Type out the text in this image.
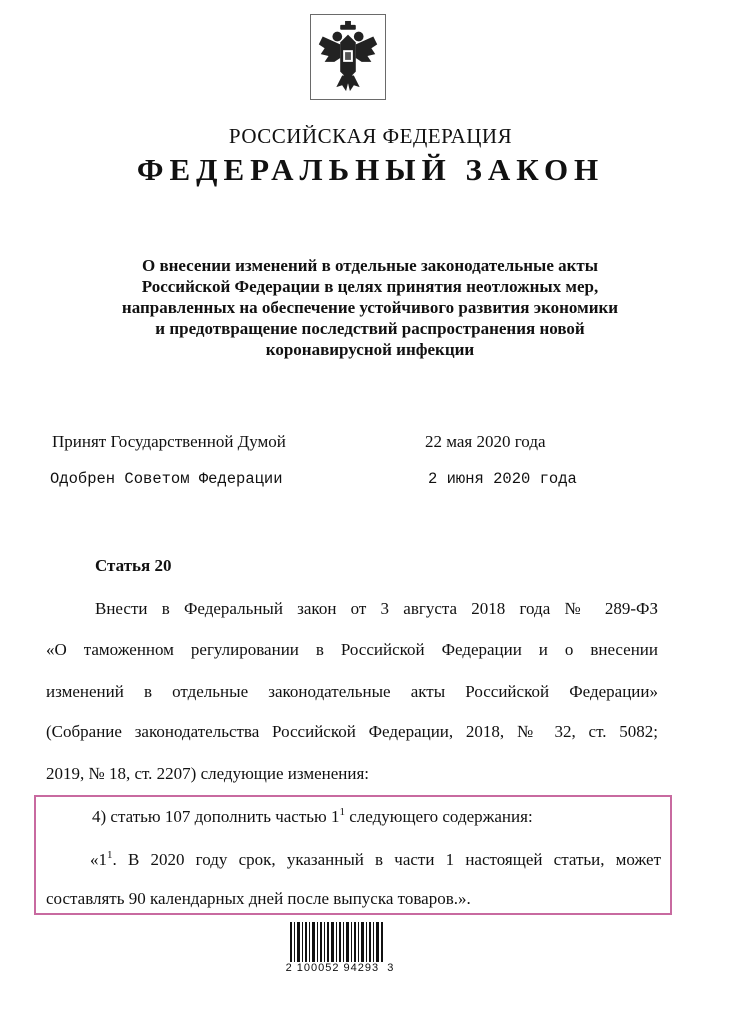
РОССИЙСКАЯ ФЕДЕРАЦИЯ
ФЕДЕРАЛЬНЫЙ ЗАКОН
О внесении изменений в отдельные законодательные акты
Российской Федерации в целях принятия неотложных мер,
направленных на обеспечение устойчивого развития экономики
и предотвращение последствий распространения новой
коронавирусной инфекции
Принят Государственной Думой	22 мая 2020 года
Одобрен Советом Федерации	2 июня 2020 года
Статья 20
Внести в Федеральный закон от 3 августа 2018 года № 289-ФЗ
«О таможенном регулировании в Российской Федерации и о внесении
изменений в отдельные законодательные акты Российской Федерации»
(Собрание законодательства Российской Федерации, 2018, № 32, ст. 5082;
2019, № 18, ст. 2207) следующие изменения:
4) статью 107 дополнить частью $1^1$ следующего содержания:
«$1^1$. В 2020 году срок, указанный в части 1 настоящей статьи, может
составлять 90 календарных дней после выпуска товаров.».
2 100052 94293  3
